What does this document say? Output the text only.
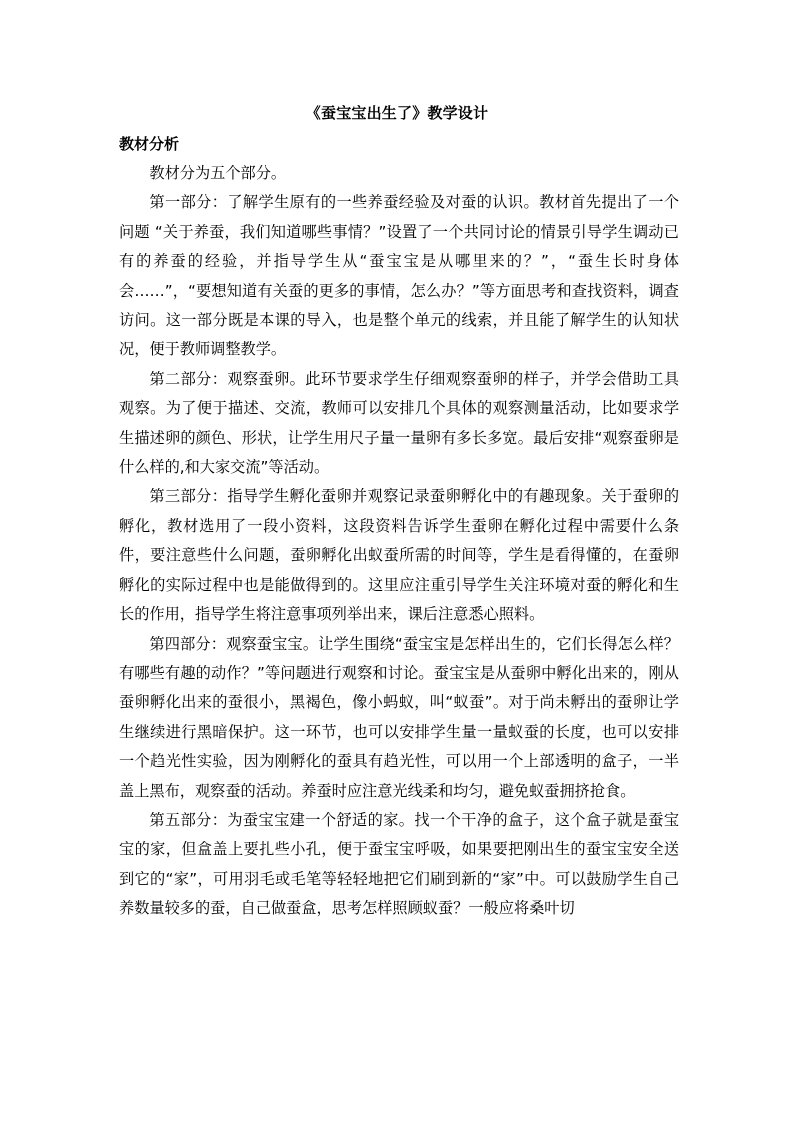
《蚕宝宝出生了》教学设计
教材分析

教材分为五个部分。

第一部分：了解学生原有的一些养蚕经验及对蚕的认识。教材首先提出了一个问题 “关于养蚕，我们知道哪些事情？”设置了一个共同讨论的情景引导学生调动已有的养蚕的经验，并指导学生从“蚕宝宝是从哪里来的？”，“蚕生长时身体会……”，“要想知道有关蚕的更多的事情，怎么办？”等方面思考和查找资料，调查访问。这一部分既是本课的导入，也是整个单元的线索，并且能了解学生的认知状况，便于教师调整教学。

第二部分：观察蚕卵。此环节要求学生仔细观察蚕卵的样子，并学会借助工具观察。为了便于描述、交流，教师可以安排几个具体的观察测量活动，比如要求学生描述卵的颜色、形状，让学生用尺子量一量卵有多长多宽。最后安排“观察蚕卵是什么样的,和大家交流”等活动。

第三部分：指导学生孵化蚕卵并观察记录蚕卵孵化中的有趣现象。关于蚕卵的孵化，教材选用了一段小资料，这段资料告诉学生蚕卵在孵化过程中需要什么条件，要注意些什么问题，蚕卵孵化出蚁蚕所需的时间等，学生是看得懂的，在蚕卵孵化的实际过程中也是能做得到的。这里应注重引导学生关注环境对蚕的孵化和生长的作用，指导学生将注意事项列举出来，课后注意悉心照料。

第四部分：观察蚕宝宝。让学生围绕“蚕宝宝是怎样出生的，它们长得怎么样？有哪些有趣的动作？”等问题进行观察和讨论。蚕宝宝是从蚕卵中孵化出来的，刚从蚕卵孵化出来的蚕很小，黑褐色，像小蚂蚁，叫“蚁蚕”。对于尚未孵出的蚕卵让学生继续进行黑暗保护。这一环节，也可以安排学生量一量蚁蚕的长度，也可以安排一个趋光性实验，因为刚孵化的蚕具有趋光性，可以用一个上部透明的盒子，一半盖上黑布，观察蚕的活动。养蚕时应注意光线柔和均匀，避免蚁蚕拥挤抢食。

第五部分：为蚕宝宝建一个舒适的家。找一个干净的盒子，这个盒子就是蚕宝宝的家，但盒盖上要扎些小孔，便于蚕宝宝呼吸，如果要把刚出生的蚕宝宝安全送到它的“家”，可用羽毛或毛笔等轻轻地把它们刷到新的“家”中。可以鼓励学生自己养数量较多的蚕，自己做蚕盒，思考怎样照顾蚁蚕？一般应将桑叶切
